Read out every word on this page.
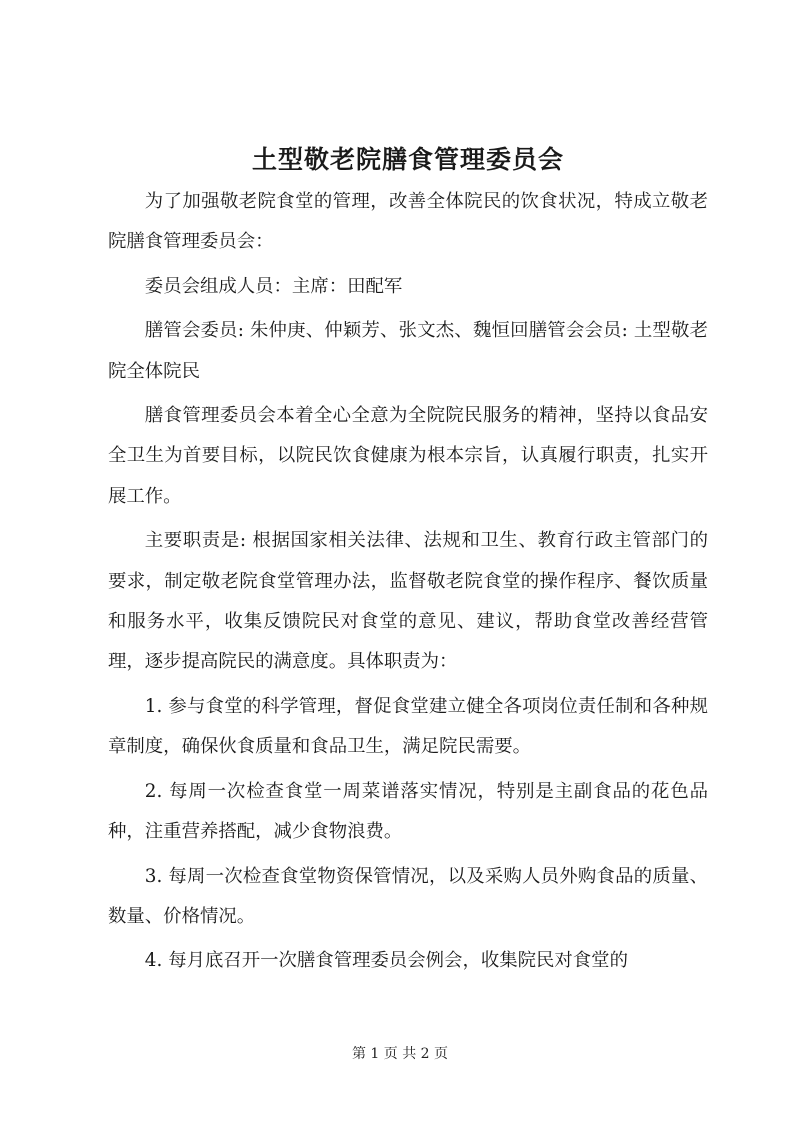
土型敬老院膳食管理委员会

为了加强敬老院食堂的管理，改善全体院民的饮食状况，特成立敬老院膳食管理委员会：

委员会组成人员：主席：田配军

膳管会委员: 朱仲庚、仲颖芳、张文杰、魏恒回膳管会会员: 土型敬老院全体院民

膳食管理委员会本着全心全意为全院院民服务的精神，坚持以食品安全卫生为首要目标，以院民饮食健康为根本宗旨，认真履行职责，扎实开展工作。

主要职责是: 根据国家相关法律、法规和卫生、教育行政主管部门的要求，制定敬老院食堂管理办法，监督敬老院食堂的操作程序、餐饮质量和服务水平，收集反馈院民对食堂的意见、建议，帮助食堂改善经营管理，逐步提高院民的满意度。具体职责为：

1. 参与食堂的科学管理，督促食堂建立健全各项岗位责任制和各种规章制度，确保伙食质量和食品卫生，满足院民需要。

2. 每周一次检查食堂一周菜谱落实情况，特别是主副食品的花色品种，注重营养搭配，减少食物浪费。

3. 每周一次检查食堂物资保管情况，以及采购人员外购食品的质量、数量、价格情况。

4. 每月底召开一次膳食管理委员会例会，收集院民对食堂的

第 1 页 共 2 页
